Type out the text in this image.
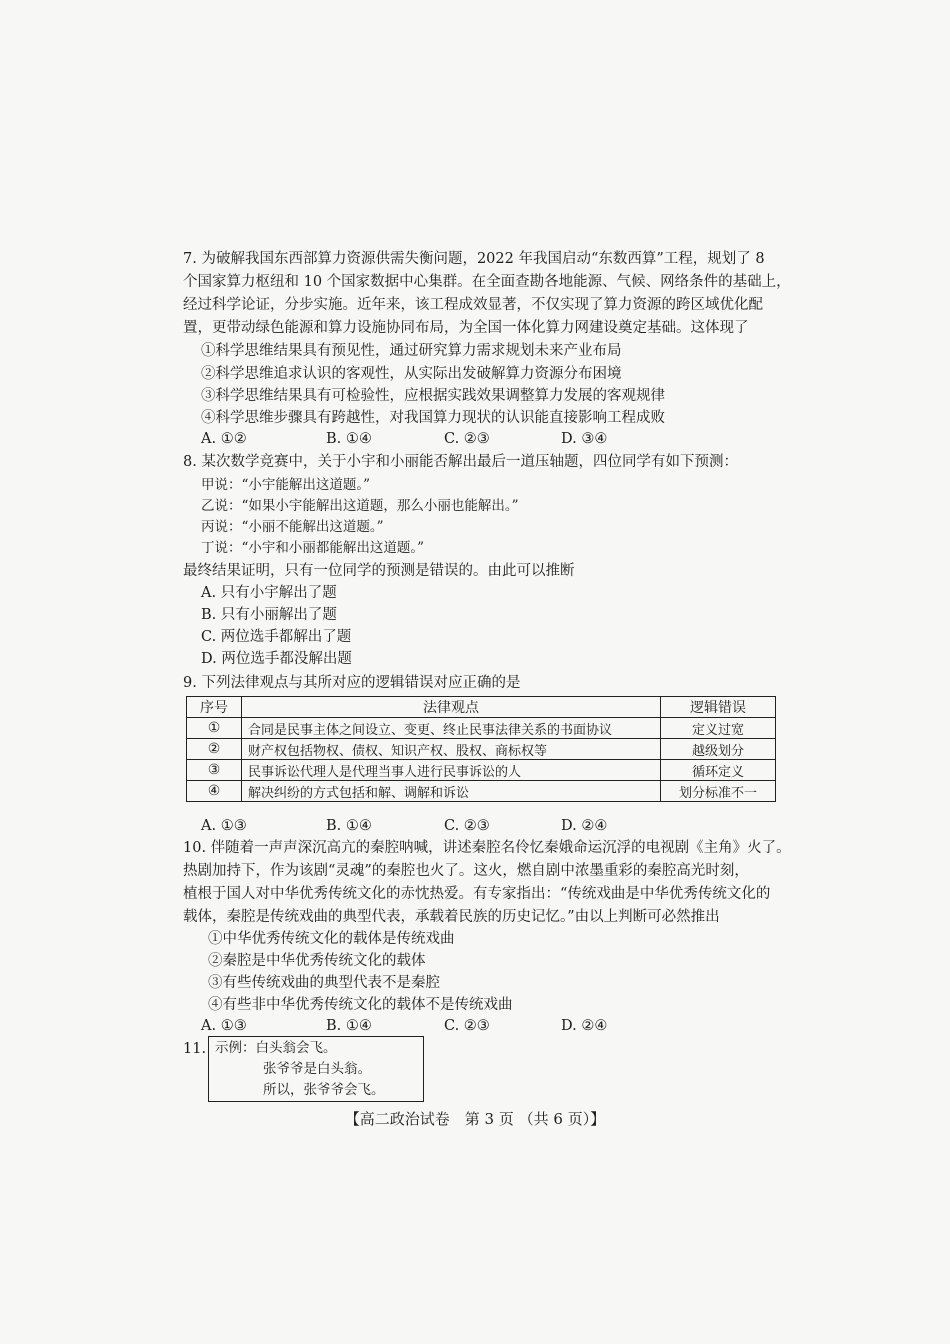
7. 为破解我国东西部算力资源供需失衡问题，2022 年我国启动“东数西算”工程，规划了 8
个国家算力枢纽和 10 个国家数据中心集群。在全面查勘各地能源、气候、网络条件的基础上，
经过科学论证，分步实施。近年来，该工程成效显著，不仅实现了算力资源的跨区域优化配
置，更带动绿色能源和算力设施协同布局，为全国一体化算力网建设奠定基础。这体现了
①科学思维结果具有预见性，通过研究算力需求规划未来产业布局
②科学思维追求认识的客观性，从实际出发破解算力资源分布困境
③科学思维结果具有可检验性，应根据实践效果调整算力发展的客观规律
④科学思维步骤具有跨越性，对我国算力现状的认识能直接影响工程成败
A. ①②	B. ①④	C. ②③	D. ③④
8. 某次数学竞赛中，关于小宇和小丽能否解出最后一道压轴题，四位同学有如下预测：
甲说：“小宇能解出这道题。”
乙说：“如果小宇能解出这道题，那么小丽也能解出。”
丙说：“小丽不能解出这道题。”
丁说：“小宇和小丽都能解出这道题。”
最终结果证明，只有一位同学的预测是错误的。由此可以推断
A. 只有小宇解出了题
B. 只有小丽解出了题
C. 两位选手都解出了题
D. 两位选手都没解出题
9. 下列法律观点与其所对应的逻辑错误对应正确的是
序号	法律观点	逻辑错误
①	合同是民事主体之间设立、变更、终止民事法律关系的书面协议	定义过宽
②	财产权包括物权、债权、知识产权、股权、商标权等	越级划分
③	民事诉讼代理人是代理当事人进行民事诉讼的人	循环定义
④	解决纠纷的方式包括和解、调解和诉讼	划分标准不一
A. ①③	B. ①④	C. ②③	D. ②④
10. 伴随着一声声深沉高亢的秦腔呐喊，讲述秦腔名伶忆秦娥命运沉浮的电视剧《主角》火了。
热剧加持下，作为该剧“灵魂”的秦腔也火了。这火，燃自剧中浓墨重彩的秦腔高光时刻，
植根于国人对中华优秀传统文化的赤忱热爱。有专家指出：“传统戏曲是中华优秀传统文化的
载体，秦腔是传统戏曲的典型代表，承载着民族的历史记忆。”由以上判断可必然推出
①中华优秀传统文化的载体是传统戏曲
②秦腔是中华优秀传统文化的载体
③有些传统戏曲的典型代表不是秦腔
④有些非中华优秀传统文化的载体不是传统戏曲
A. ①③	B. ①④	C. ②③	D. ②④
11. 示例：白头翁会飞。
张爷爷是白头翁。
所以，张爷爷会飞。
【高二政治试卷　第 3 页 （共 6 页）】
